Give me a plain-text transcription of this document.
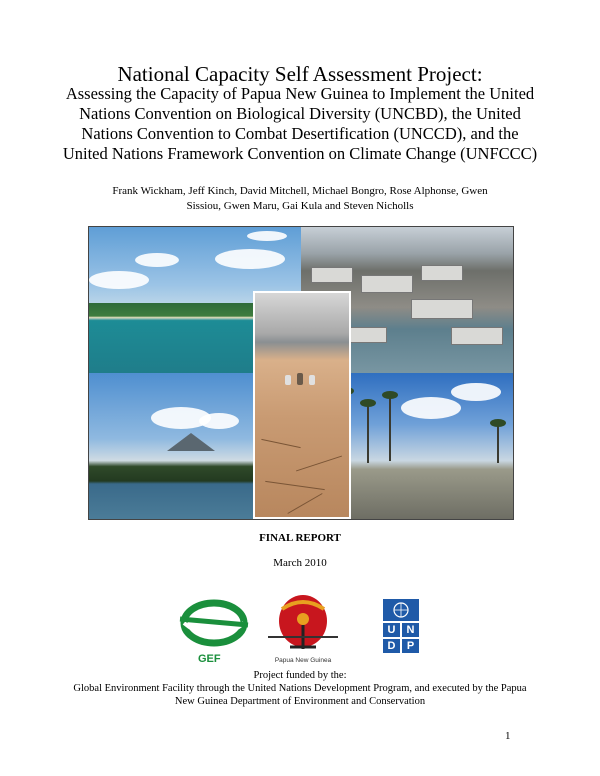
National Capacity Self Assessment Project:
Assessing the Capacity of Papua New Guinea to Implement the United Nations Convention on Biological Diversity (UNCBD), the United Nations Convention to Combat Desertification (UNCCD), and the United Nations Framework Convention on Climate Change (UNFCCC)
Frank Wickham, Jeff Kinch, David Mitchell, Michael Bongro, Rose Alphonse, Gwen Sissiou, Gwen Maru, Gai Kula and Steven Nicholls
FINAL REPORT
March 2010
GEF	Papua New Guinea
U	N
D	P
Project funded by the:
Global Environment Facility through the United Nations Development Program, and executed by the Papua New Guinea Department of Environment and Conservation
1
